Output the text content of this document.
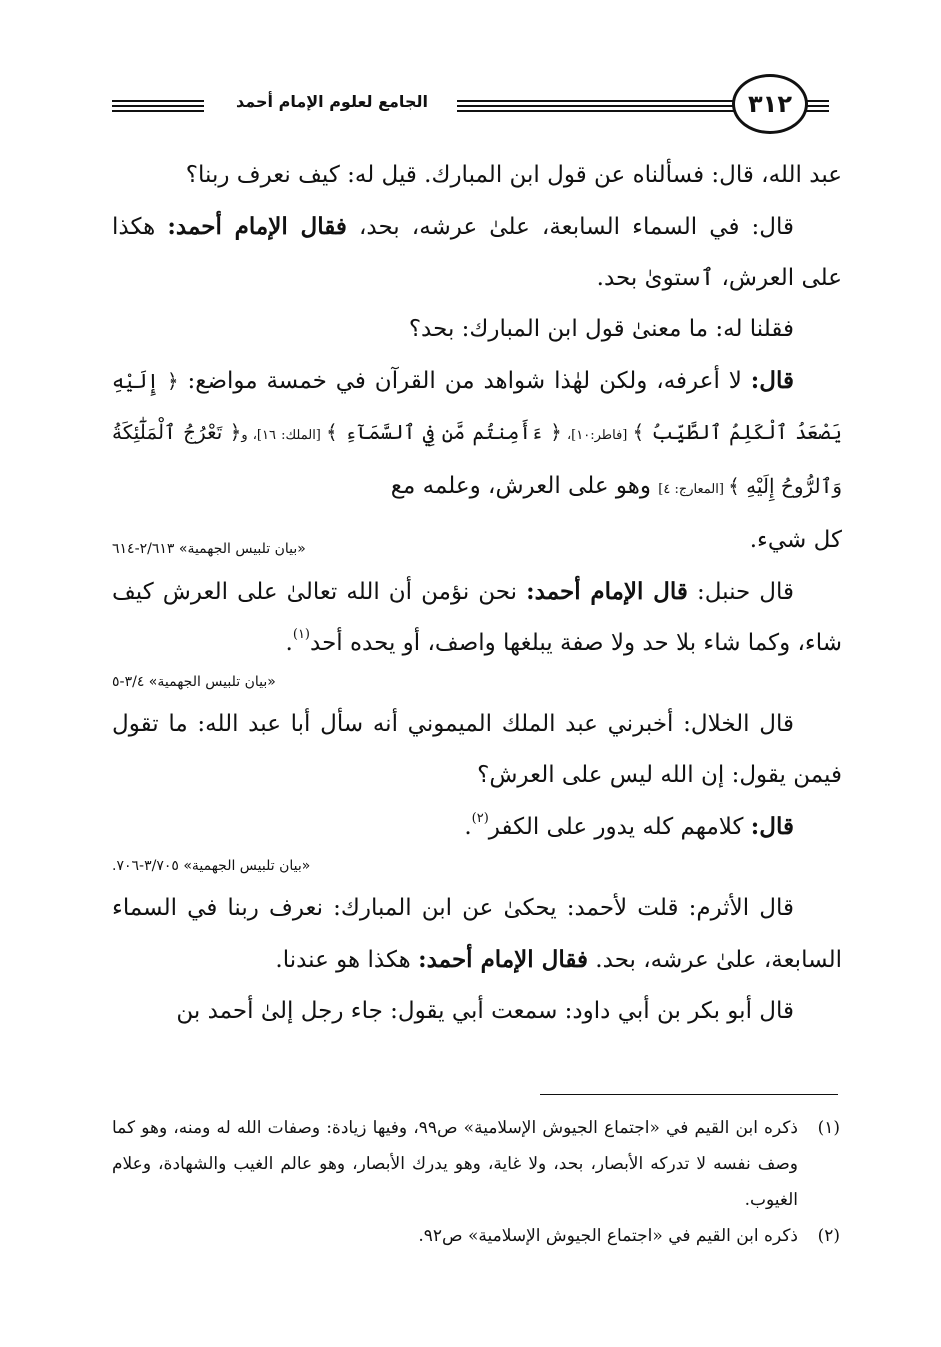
الجامع لعلوم الإمام أحمد	٣١٢

عبد الله، قال: فسألناه عن قول ابن المبارك. قيل له: كيف نعرف ربنا؟

قال: في السماء السابعة، علىٰ عرشه، بحد، فقال الإمام أحمد: هكذا على العرش، ٱستوىٰ بحد.

فقلنا له: ما معنىٰ قول ابن المبارك: بحد؟

قال: لا أعرفه، ولكن لهٰذا شواهد من القرآن في خمسة مواضع: ﴿ إِلَيْهِ يَصْعَدُ ٱلْكَلِمُ ٱلطَّيِّبُ ﴾ [فاطر:١٠]، ﴿ ءَأَمِنتُم مَّن فِي ٱلسَّمَآءِ ﴾ [الملك: ١٦]، و﴿ تَعْرُجُ ٱلْمَلَٰٓئِكَةُ وَٱلرُّوحُ إِلَيْهِ ﴾ [المعارج: ٤] وهو على العرش، وعلمه مع

كل شيء.
«بيان تلبيس الجهمية» ٢/٦١٣-٦١٤

قال حنبل: قال الإمام أحمد: نحن نؤمن أن الله تعالىٰ على العرش كيف شاء، وكما شاء بلا حد ولا صفة يبلغها واصف، أو يحده أحد$^{(١)}$.

«بيان تلبيس الجهمية» ٣/٤-٥

قال الخلال: أخبرني عبد الملك الميموني أنه سأل أبا عبد الله: ما تقول فيمن يقول: إن الله ليس على العرش؟

قال: كلامهم كله يدور على الكفر$^{(٢)}$.

«بيان تلبيس الجهمية» ٣/٧٠٥-٧٠٦.

قال الأثرم: قلت لأحمد: يحكىٰ عن ابن المبارك: نعرف ربنا في السماء السابعة، علىٰ عرشه، بحد. فقال الإمام أحمد: هكذا هو عندنا.

قال أبو بكر بن أبي داود: سمعت أبي يقول: جاء رجل إلىٰ أحمد بن

(١)
ذكره ابن القيم في «اجتماع الجيوش الإسلامية» ص٩٩، وفيها زيادة: وصفات الله له ومنه، وهو كما وصف نفسه لا تدركه الأبصار، بحد، ولا غاية، وهو يدرك الأبصار، وهو عالم الغيب والشهادة، وعلام الغيوب.

(٢)
ذكره ابن القيم في «اجتماع الجيوش الإسلامية» ص٩٢.
